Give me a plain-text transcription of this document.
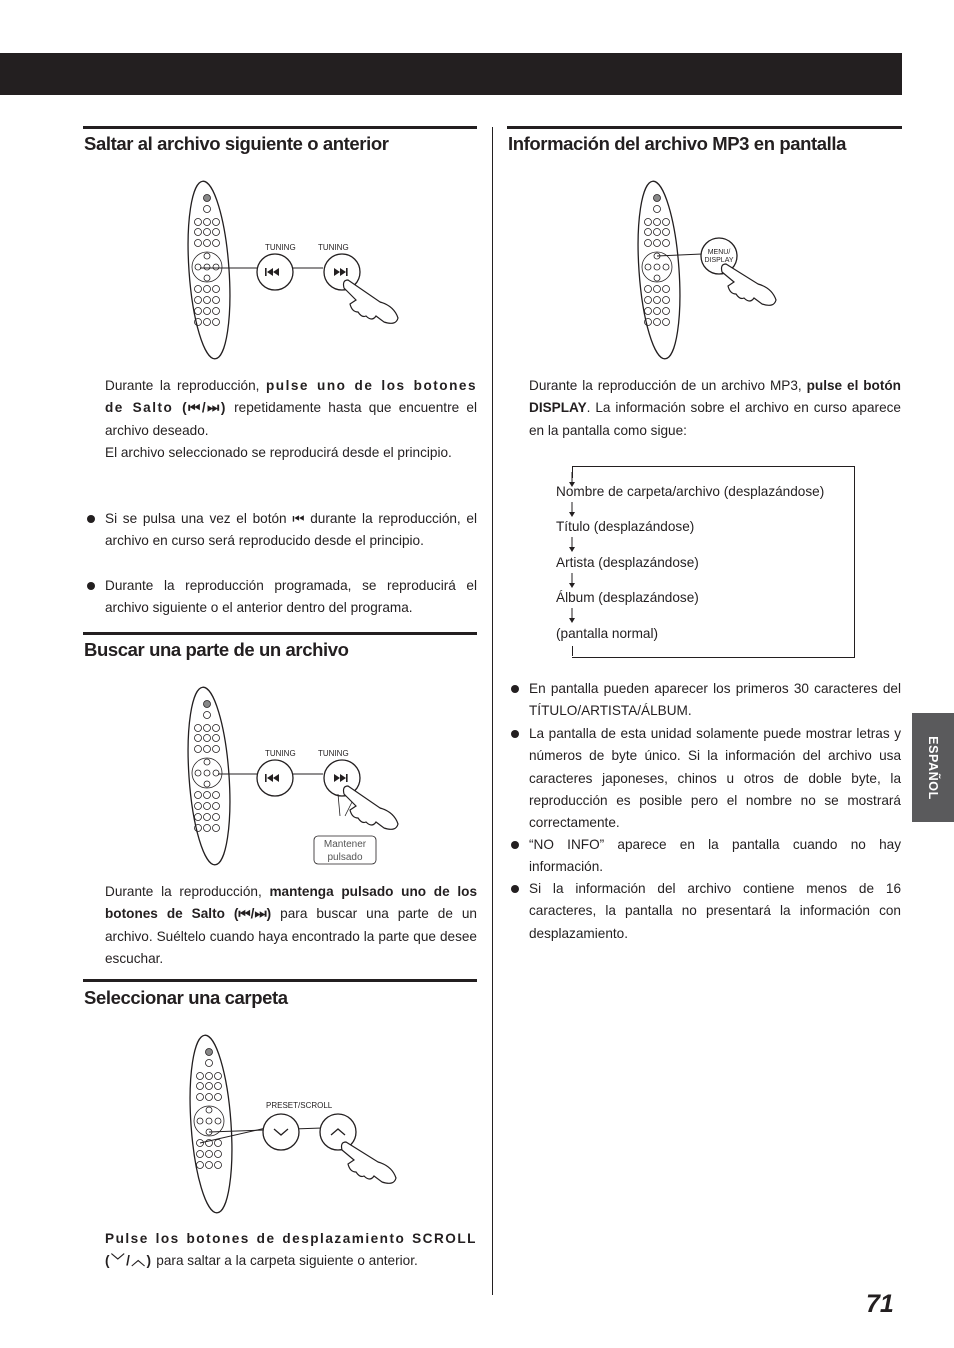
Saltar al archivo siguiente o anterior
TUNING	TUNING

Durante la reproducción, pulse uno de los botones de Salto (⏮/⏭) repetidamente hasta que encuentre el archivo deseado.

El archivo seleccionado se reproducirá desde el principio.

Si se pulsa una vez el botón ⏮ durante la reproducción, el archivo en curso será reproducido desde el principio.
Durante la reproducción programada, se reproducirá el archivo siguiente o el anterior dentro del programa.
Buscar una parte de un archivo
TUNING	TUNING
Mantener
pulsado

Durante la reproducción, mantenga pulsado uno de los botones de Salto (⏮/⏭) para buscar una parte de un archivo. Suéltelo cuando haya encontrado la parte que desee escuchar.

Seleccionar una carpeta
PRESET/SCROLL

Pulse los botones de desplazamiento SCROLL (﹀/︿) para saltar a la carpeta siguiente o anterior.

Información del archivo MP3 en pantalla
MENU/
DISPLAY

Durante la reproducción de un archivo MP3, pulse el botón DISPLAY. La información sobre el archivo en curso aparece en la pantalla como sigue:

Nombre de carpeta/archivo (desplazándose)
Título (desplazándose)
Artista (desplazándose)
Álbum (desplazándose)
(pantalla normal)
En pantalla pueden aparecer los primeros 30 caracteres del TÍTULO/ARTISTA/ÁLBUM.
La pantalla de esta unidad solamente puede mostrar letras y números de byte único. Si la información del archivo usa caracteres japoneses, chinos u otros de doble byte, la reproducción es posible pero el nombre no se mostrará correctamente.
“NO INFO” aparece en la pantalla cuando no hay información.
Si la información del archivo contiene menos de 16 caracteres, la pantalla no presentará la información con desplazamiento.
ESPAÑOL
71
